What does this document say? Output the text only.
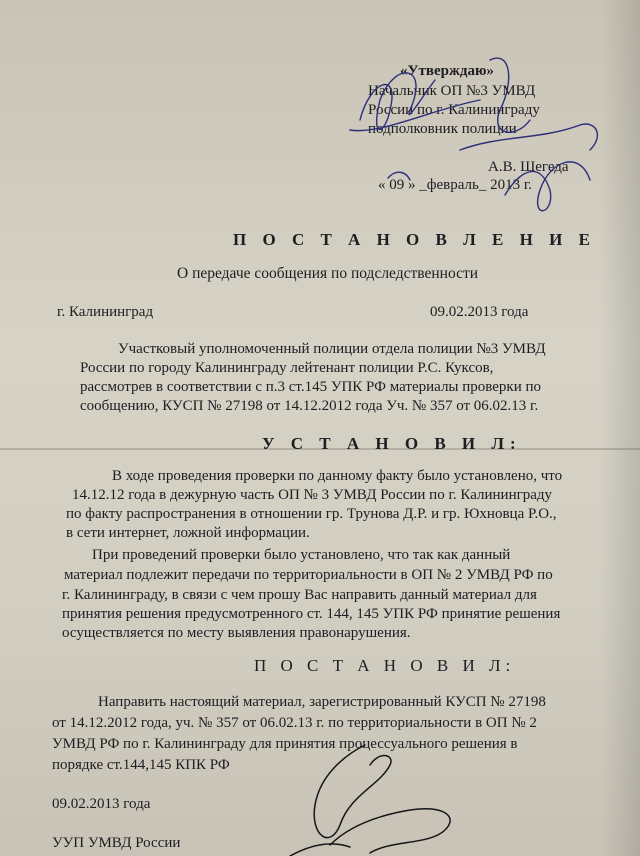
«Утверждаю»
Начальник ОП №3 УМВД
России по г. Калининграду
подполковник полиции
А.В. Шегеда
« 09 » _февраль_ 2013 г.
П О С Т А Н О В Л Е Н И Е
О передаче сообщения по подследственности
г. Калининград	09.02.2013 года
Участковый уполномоченный полиции отдела полиции №3 УМВД
России по городу Калининграду лейтенант полиции Р.С. Куксов,
рассмотрев в соответствии с п.3 ст.145 УПК РФ материалы проверки по
сообщению, КУСП № 27198 от 14.12.2012 года Уч. № 357 от 06.02.13 г.
У С Т А Н О В И Л:
В ходе проведения проверки по данному факту было установлено, что
14.12.12 года в дежурную часть ОП № 3 УМВД России по г. Калининграду
по факту распространения в отношении гр. Трунова Д.Р. и гр. Юхновца Р.О.,
в сети интернет, ложной информации.
При проведений проверки было установлено, что так как данный
материал подлежит передачи по территориальности в ОП № 2 УМВД РФ по
г. Калининграду, в связи с чем прошу Вас направить данный материал для
принятия решения предусмотренного ст. 144, 145 УПК РФ принятие решения
осуществляется по месту выявления правонарушения.
П О С Т А Н О В И Л:
Направить настоящий материал, зарегистрированный КУСП № 27198
от 14.12.2012 года, уч. № 357 от 06.02.13 г. по территориальности в ОП № 2
УМВД РФ по г. Калининграду для принятия процессуального решения в
порядке ст.144,145 КПК РФ
09.02.2013 года
УУП УМВД России
